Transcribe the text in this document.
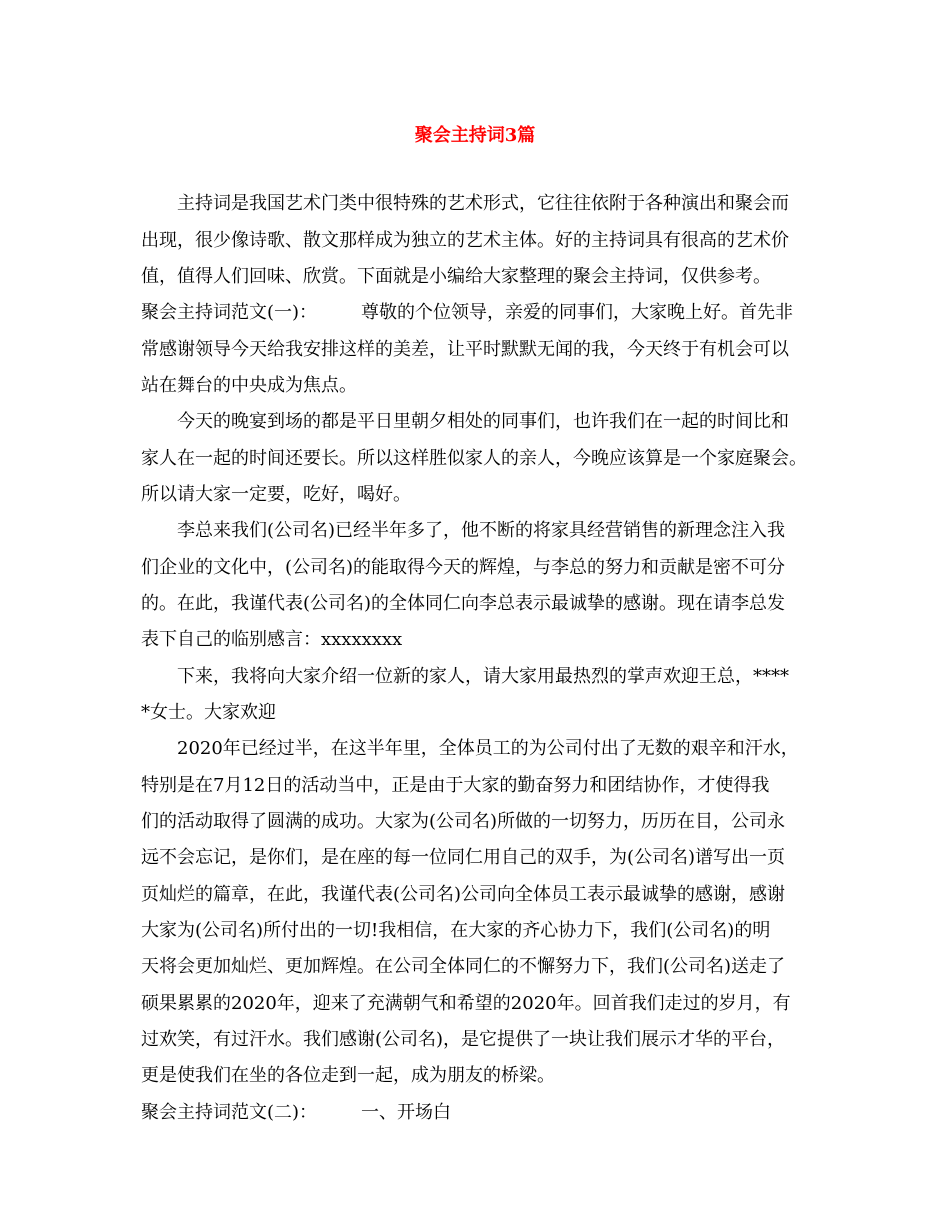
聚会主持词3篇
主持词是我国艺术门类中很特殊的艺术形式，它往往依附于各种演出和聚会而
出现，很少像诗歌、散文那样成为独立的艺术主体。好的主持词具有很高的艺术价
值，值得人们回味、欣赏。下面就是小编给大家整理的聚会主持词，仅供参考。
聚会主持词范文(一)： 尊敬的个位领导，亲爱的同事们，大家晚上好。首先非
常感谢领导今天给我安排这样的美差，让平时默默无闻的我，今天终于有机会可以
站在舞台的中央成为焦点。
今天的晚宴到场的都是平日里朝夕相处的同事们，也许我们在一起的时间比和
家人在一起的时间还要长。所以这样胜似家人的亲人，今晚应该算是一个家庭聚会。
所以请大家一定要，吃好，喝好。
李总来我们(公司名)已经半年多了，他不断的将家具经营销售的新理念注入我
们企业的文化中，(公司名)的能取得今天的辉煌，与李总的努力和贡献是密不可分
的。在此，我谨代表(公司名)的全体同仁向李总表示最诚挚的感谢。现在请李总发
表下自己的临别感言：xxxxxxxx
下来，我将向大家介绍一位新的家人，请大家用最热烈的掌声欢迎王总，****
*女士。大家欢迎
2020年已经过半，在这半年里，全体员工的为公司付出了无数的艰辛和汗水，
特别是在7月12日的活动当中，正是由于大家的勤奋努力和团结协作，才使得我
们的活动取得了圆满的成功。大家为(公司名)所做的一切努力，历历在目，公司永
远不会忘记，是你们，是在座的每一位同仁用自己的双手，为(公司名)谱写出一页
页灿烂的篇章，在此，我谨代表(公司名)公司向全体员工表示最诚挚的感谢，感谢
大家为(公司名)所付出的一切!我相信，在大家的齐心协力下，我们(公司名)的明
天将会更加灿烂、更加辉煌。在公司全体同仁的不懈努力下，我们(公司名)送走了
硕果累累的2020年，迎来了充满朝气和希望的2020年。回首我们走过的岁月，有
过欢笑，有过汗水。我们感谢(公司名)，是它提供了一块让我们展示才华的平台，
更是使我们在坐的各位走到一起，成为朋友的桥梁。
聚会主持词范文(二)： 一、开场白
